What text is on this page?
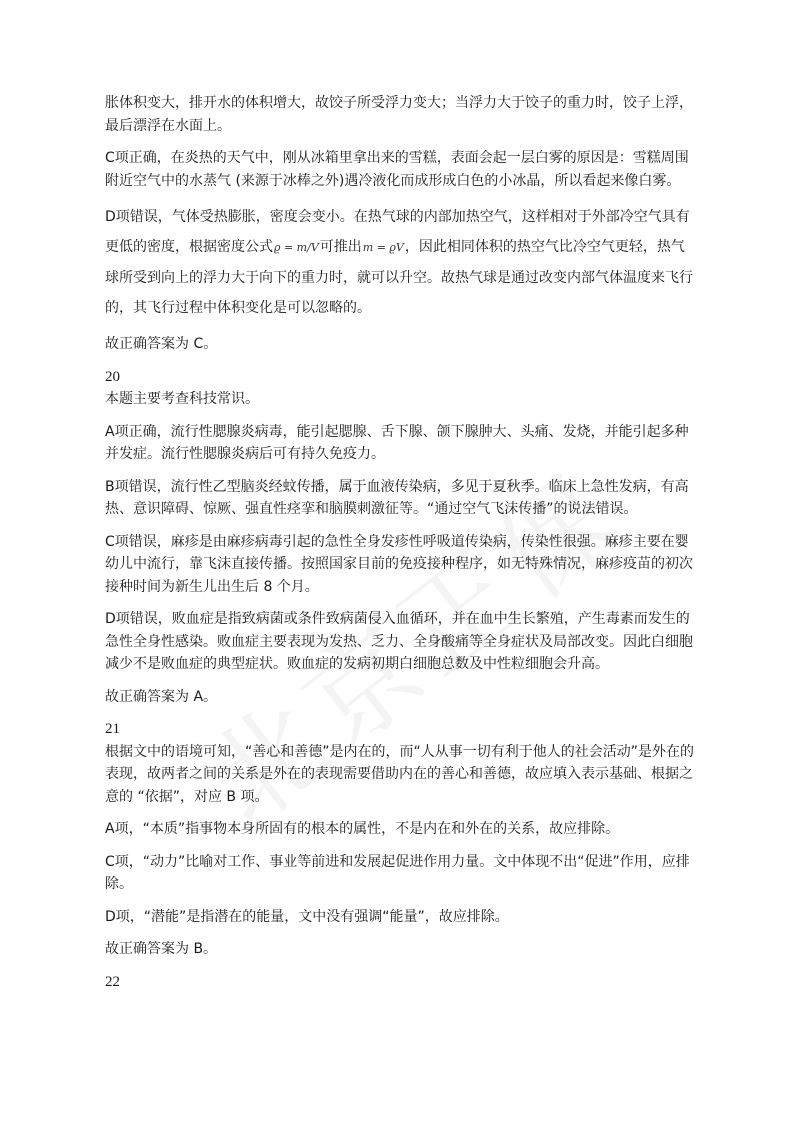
胀体积变大，排开水的体积增大，故饺子所受浮力变大；当浮力大于饺子的重力时，饺子上浮，最后漂浮在水面上。

C项正确，在炎热的天气中，刚从冰箱里拿出来的雪糕，表面会起一层白雾的原因是：雪糕周围附近空气中的水蒸气 (来源于冰棒之外)遇冷液化而成形成白色的小冰晶，所以看起来像白雾。

D项错误，气体受热膨胀，密度会变小。在热气球的内部加热空气，这样相对于外部冷空气具有更低的密度，根据密度公式ϱ = m/V可推出m = ϱV，因此相同体积的热空气比冷空气更轻，热气球所受到向上的浮力大于向下的重力时，就可以升空。故热气球是通过改变内部气体温度来飞行的，其飞行过程中体积变化是可以忽略的。

故正确答案为 C。

20

本题主要考查科技常识。

A项正确，流行性腮腺炎病毒，能引起腮腺、舌下腺、颌下腺肿大、头痛、发烧，并能引起多种并发症。流行性腮腺炎病后可有持久免疫力。

B项错误，流行性乙型脑炎经蚊传播，属于血液传染病，多见于夏秋季。临床上急性发病，有高热、意识障碍、惊厥、强直性痉挛和脑膜刺激征等。“通过空气飞沫传播”的说法错误。

C项错误，麻疹是由麻疹病毒引起的急性全身发疹性呼吸道传染病，传染性很强。麻疹主要在婴幼儿中流行，靠飞沫直接传播。按照国家目前的免疫接种程序，如无特殊情况，麻疹疫苗的初次接种时间为新生儿出生后 8 个月。

D项错误，败血症是指致病菌或条件致病菌侵入血循环，并在血中生长繁殖，产生毒素而发生的急性全身性感染。败血症主要表现为发热、乏力、全身酸痛等全身症状及局部改变。因此白细胞减少不是败血症的典型症状。败血症的发病初期白细胞总数及中性粒细胞会升高。

故正确答案为 A。

21

根据文中的语境可知，“善心和善德”是内在的，而“人从事一切有利于他人的社会活动”是外在的表现，故两者之间的关系是外在的表现需要借助内在的善心和善德，故应填入表示基础、根据之意的 “依据”，对应 B 项。

A项，“本质”指事物本身所固有的根本的属性，不是内在和外在的关系，故应排除。

C项，“动力”比喻对工作、事业等前进和发展起促进作用力量。文中体现不出“促进”作用，应排除。

D项，“潜能”是指潜在的能量，文中没有强调“能量”，故应排除。

故正确答案为 B。

22
